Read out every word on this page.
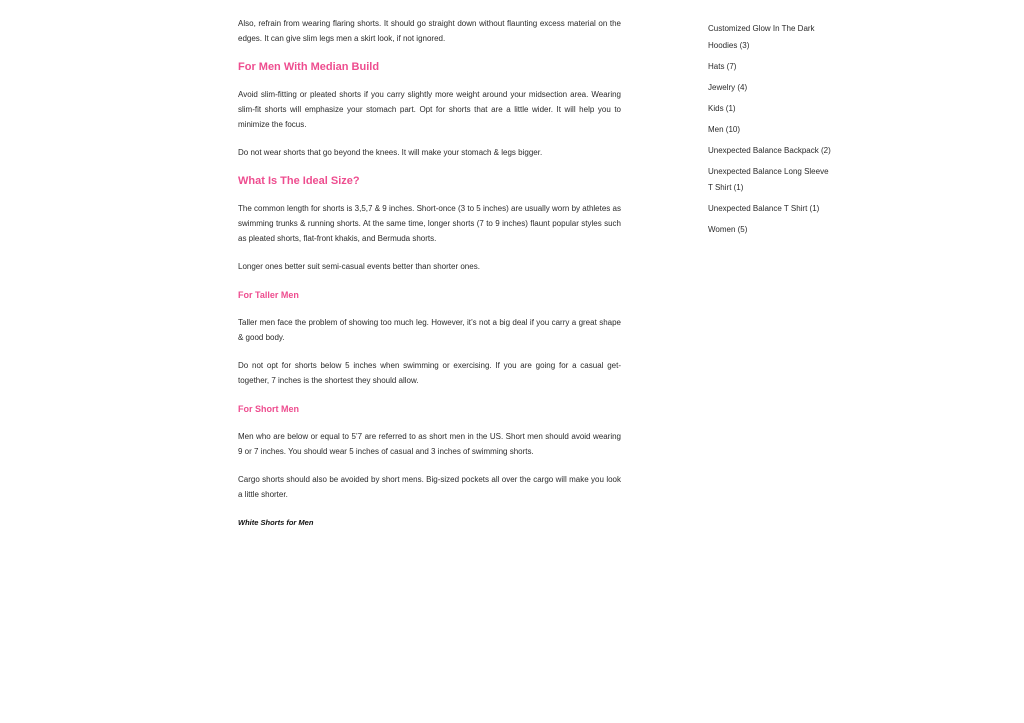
Also, refrain from wearing flaring shorts. It should go straight down without flaunting excess material on the edges. It can give slim legs men a skirt look, if not ignored.

For Men With Median Build

Avoid slim-fitting or pleated shorts if you carry slightly more weight around your midsection area. Wearing slim-fit shorts will emphasize your stomach part. Opt for shorts that are a little wider. It will help you to minimize the focus.

Do not wear shorts that go beyond the knees. It will make your stomach & legs bigger.

What Is The Ideal Size?

The common length for shorts is 3,5,7 & 9 inches. Short-once (3 to 5 inches) are usually worn by athletes as swimming trunks & running shorts. At the same time, longer shorts (7 to 9 inches) flaunt popular styles such as pleated shorts, flat-front khakis, and Bermuda shorts.

Longer ones better suit semi-casual events better than shorter ones.

For Taller Men

Taller men face the problem of showing too much leg. However, it’s not a big deal if you carry a great shape & good body.

Do not opt for shorts below 5 inches when swimming or exercising. If you are going for a casual get-together, 7 inches is the shortest they should allow.

For Short Men

Men who are below or equal to 5’7 are referred to as short men in the US. Short men should avoid wearing 9 or 7 inches. You should wear 5 inches of casual and 3 inches of swimming shorts.

Cargo shorts should also be avoided by short mens. Big-sized pockets all over the cargo will make you look a little shorter.

White Shorts for Men

Customized Glow In The Dark Hoodies (3)
Hats (7)
Jewelry (4)
Kids (1)
Men (10)
Unexpected Balance Backpack (2)
Unexpected Balance Long Sleeve T Shirt (1)
Unexpected Balance T Shirt (1)
Women (5)
